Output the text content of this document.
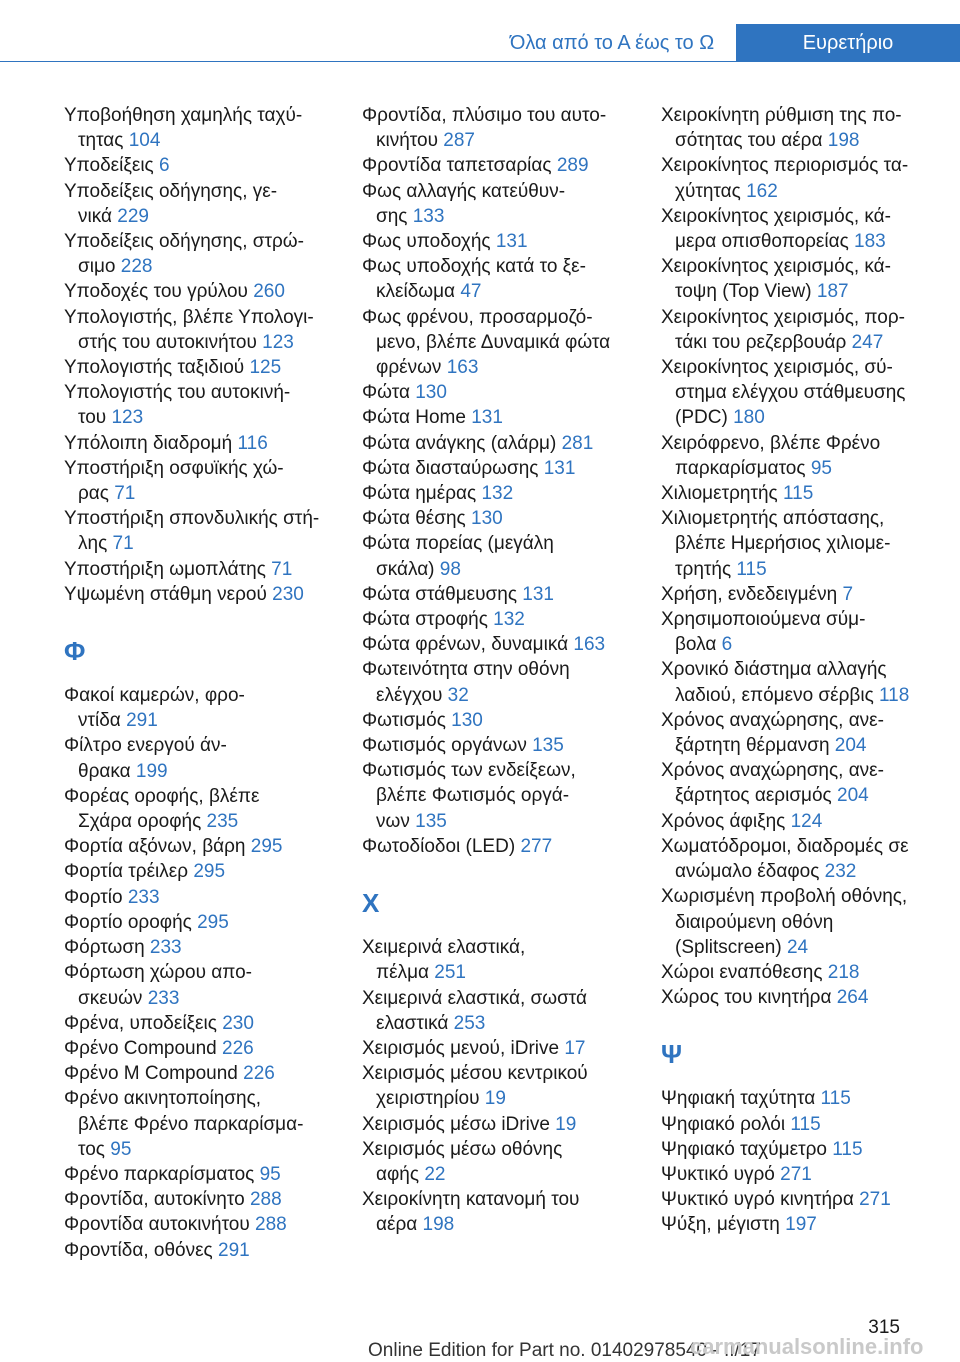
Όλα από το Α έως το Ω	Ευρετήριο
Υποβοήθηση χαμηλής ταχύ-
τητας 104
Υποδείξεις 6
Υποδείξεις οδήγησης, γε-
νικά 229
Υποδείξεις οδήγησης, στρώ-
σιμο 228
Υποδοχές του γρύλου 260
Υπολογιστής, βλέπε Υπολογι-
στής του αυτοκινήτου 123
Υπολογιστής ταξιδιού 125
Υπολογιστής του αυτοκινή-
του 123
Υπόλοιπη διαδρομή 116
Υποστήριξη οσφυϊκής χώ-
ρας 71
Υποστήριξη σπονδυλικής στή-
λης 71
Υποστήριξη ωμοπλάτης 71
Υψωμένη στάθμη νερού 230
Φ
Φακοί καμερών, φρο-
ντίδα 291
Φίλτρο ενεργού άν-
θρακα 199
Φορέας οροφής, βλέπε
Σχάρα οροφής 235
Φορτία αξόνων, βάρη 295
Φορτία τρέιλερ 295
Φορτίο 233
Φορτίο οροφής 295
Φόρτωση 233
Φόρτωση χώρου απο-
σκευών 233
Φρένα, υποδείξεις 230
Φρένο Compound 226
Φρένο M Compound 226
Φρένο ακινητοποίησης,
βλέπε Φρένο παρκαρίσμα-
τος 95
Φρένο παρκαρίσματος 95
Φροντίδα, αυτοκίνητο 288
Φροντίδα αυτοκινήτου 288
Φροντίδα, οθόνες 291
Φροντίδα, πλύσιμο του αυτο-
κινήτου 287
Φροντίδα ταπετσαρίας 289
Φως αλλαγής κατεύθυν-
σης 133
Φως υποδοχής 131
Φως υποδοχής κατά το ξε-
κλείδωμα 47
Φως φρένου, προσαρμοζό-
μενο, βλέπε Δυναμικά φώτα
φρένων 163
Φώτα 130
Φώτα Home 131
Φώτα ανάγκης (αλάρμ) 281
Φώτα διασταύρωσης 131
Φώτα ημέρας 132
Φώτα θέσης 130
Φώτα πορείας (μεγάλη
σκάλα) 98
Φώτα στάθμευσης 131
Φώτα στροφής 132
Φώτα φρένων, δυναμικά 163
Φωτεινότητα στην οθόνη
ελέγχου 32
Φωτισμός 130
Φωτισμός οργάνων 135
Φωτισμός των ενδείξεων,
βλέπε Φωτισμός οργά-
νων 135
Φωτοδίοδοι (LED) 277
Χ
Χειμερινά ελαστικά,
πέλμα 251
Χειμερινά ελαστικά, σωστά
ελαστικά 253
Χειρισμός μενού, iDrive 17
Χειρισμός μέσου κεντρικού
χειριστηρίου 19
Χειρισμός μέσω iDrive 19
Χειρισμός μέσω οθόνης
αφής 22
Χειροκίνητη κατανομή του
αέρα 198
Χειροκίνητη ρύθμιση της πο-
σότητας του αέρα 198
Χειροκίνητος περιορισμός τα-
χύτητας 162
Χειροκίνητος χειρισμός, κά-
μερα οπισθοπορείας 183
Χειροκίνητος χειρισμός, κά-
τοψη (Top View) 187
Χειροκίνητος χειρισμός, πορ-
τάκι του ρεζερβουάρ 247
Χειροκίνητος χειρισμός, σύ-
στημα ελέγχου στάθμευσης
(PDC) 180
Χειρόφρενο, βλέπε Φρένο
παρκαρίσματος 95
Χιλιομετρητής 115
Χιλιομετρητής απόστασης,
βλέπε Ημερήσιος χιλιομε-
τρητής 115
Χρήση, ενδεδειγμένη 7
Χρησιμοποιούμενα σύμ-
βολα 6
Χρονικό διάστημα αλλαγής
λαδιού, επόμενο σέρβις 118
Χρόνος αναχώρησης, ανε-
ξάρτητη θέρμανση 204
Χρόνος αναχώρησης, ανε-
ξάρτητος αερισμός 204
Χρόνος άφιξης 124
Χωματόδρομοι, διαδρομές σε
ανώμαλο έδαφος 232
Χωρισμένη προβολή οθόνης,
διαιρούμενη οθόνη
(Splitscreen) 24
Χώροι εναπόθεσης 218
Χώρος του κινητήρα 264
Ψ
Ψηφιακή ταχύτητα 115
Ψηφιακό ρολόι 115
Ψηφιακό ταχύμετρο 115
Ψυκτικό υγρό 271
Ψυκτικό υγρό κινητήρα 271
Ψύξη, μέγιστη 197
315
Online Edition for Part no. 01402978540 - II/17
carmanualsonline.info
